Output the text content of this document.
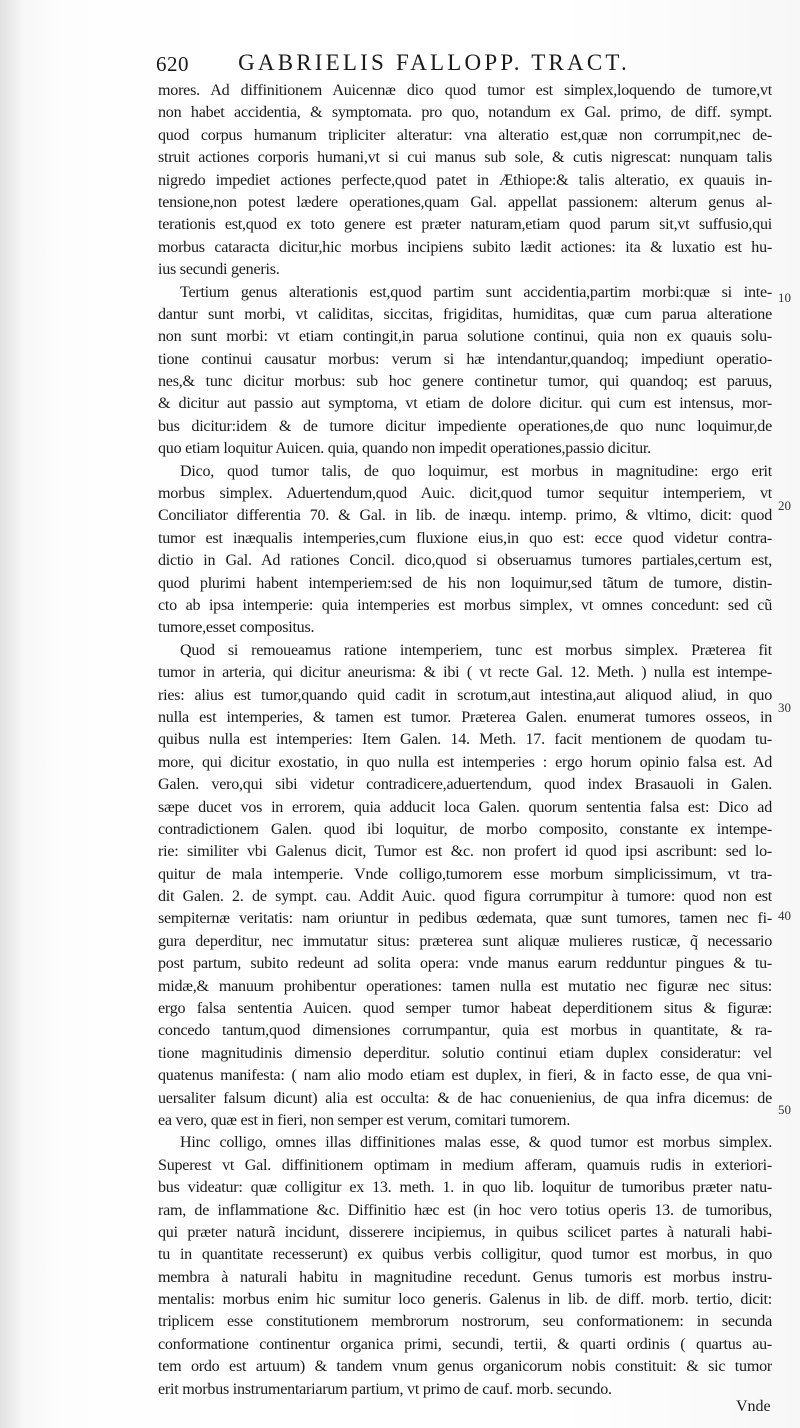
620	GABRIELIS FALLOPP. TRACT.
mores. Ad diffinitionem Auicennæ dico quod tumor est simplex,loquendo de tumore,vt
non habet accidentia, & symptomata. pro quo, notandum ex Gal. primo, de diff. sympt.
quod corpus humanum tripliciter alteratur: vna alteratio est,quæ non corrumpit,nec de-
struit actiones corporis humani,vt si cui manus sub sole, & cutis nigrescat: nunquam talis
nigredo impediet actiones perfecte,quod patet in Æthiope:& talis alteratio, ex quauis in-
tensione,non potest lædere operationes,quam Gal. appellat passionem: alterum genus al-
terationis est,quod ex toto genere est præter naturam,etiam quod parum sit,vt suffusio,qui
morbus cataracta dicitur,hic morbus incipiens subito lædit actiones: ita & luxatio est hu-
ius secundi generis.
Tertium genus alterationis est,quod partim sunt accidentia,partim morbi:quæ si inte-
dantur sunt morbi, vt caliditas, siccitas, frigiditas, humiditas, quæ cum parua alteratione
non sunt morbi: vt etiam contingit,in parua solutione continui, quia non ex quauis solu-
tione continui causatur morbus: verum si hæ intendantur,quandoq; impediunt operatio-
nes,& tunc dicitur morbus: sub hoc genere continetur tumor, qui quandoq; est paruus,
& dicitur aut passio aut symptoma, vt etiam de dolore dicitur. qui cum est intensus, mor-
bus dicitur:idem & de tumore dicitur impediente operationes,de quo nunc loquimur,de
quo etiam loquitur Auicen. quia, quando non impedit operationes,passio dicitur.
Dico, quod tumor talis, de quo loquimur, est morbus in magnitudine: ergo erit
morbus simplex. Aduertendum,quod Auic. dicit,quod tumor sequitur intemperiem, vt
Conciliator differentia 70. & Gal. in lib. de inæqu. intemp. primo, & vltimo, dicit: quod
tumor est inæqualis intemperies,cum fluxione eius,in quo est: ecce quod videtur contra-
dictio in Gal. Ad rationes Concil. dico,quod si obseruamus tumores partiales,certum est,
quod plurimi habent intemperiem:sed de his non loquimur,sed tãtum de tumore, distin-
cto ab ipsa intemperie: quia intemperies est morbus simplex, vt omnes concedunt: sed cũ
tumore,esset compositus.
Quod si remoueamus ratione intemperiem, tunc est morbus simplex. Præterea fit
tumor in arteria, qui dicitur aneurisma: & ibi ( vt recte Gal. 12. Meth. ) nulla est intempe-
ries: alius est tumor,quando quid cadit in scrotum,aut intestina,aut aliquod aliud, in quo
nulla est intemperies, & tamen est tumor. Præterea Galen. enumerat tumores osseos, in
quibus nulla est intemperies: Item Galen. 14. Meth. 17. facit mentionem de quodam tu-
more, qui dicitur exostatio, in quo nulla est intemperies : ergo horum opinio falsa est. Ad
Galen. vero,qui sibi videtur contradicere,aduertendum, quod index Brasauoli in Galen.
sæpe ducet vos in errorem, quia adducit loca Galen. quorum sententia falsa est: Dico ad
contradictionem Galen. quod ibi loquitur, de morbo composito, constante ex intempe-
rie: similiter vbi Galenus dicit, Tumor est &c. non profert id quod ipsi ascribunt: sed lo-
quitur de mala intemperie. Vnde colligo,tumorem esse morbum simplicissimum, vt tra-
dit Galen. 2. de sympt. cau. Addit Auic. quod figura corrumpitur à tumore: quod non est
sempiternæ veritatis: nam oriuntur in pedibus œdemata, quæ sunt tumores, tamen nec fi-
gura deperditur, nec immutatur situs: præterea sunt aliquæ mulieres rusticæ, q̃ necessario
post partum, subito redeunt ad solita opera: vnde manus earum redduntur pingues & tu-
midæ,& manuum prohibentur operationes: tamen nulla est mutatio nec figuræ nec situs:
ergo falsa sententia Auicen. quod semper tumor habeat deperditionem situs & figuræ:
concedo tantum,quod dimensiones corrumpantur, quia est morbus in quantitate, & ra-
tione magnitudinis dimensio deperditur. solutio continui etiam duplex consideratur: vel
quatenus manifesta: ( nam alio modo etiam est duplex, in fieri, & in facto esse, de qua vni-
uersaliter falsum dicunt) alia est occulta: & de hac conuenienius, de qua infra dicemus: de
ea vero, quæ est in fieri, non semper est verum, comitari tumorem.
Hinc colligo, omnes illas diffinitiones malas esse, & quod tumor est morbus simplex.
Superest vt Gal. diffinitionem optimam in medium afferam, quamuis rudis in exteriori-
bus videatur: quæ colligitur ex 13. meth. 1. in quo lib. loquitur de tumoribus præter natu-
ram, de inflammatione &c. Diffinitio hæc est (in hoc vero totius operis 13. de tumoribus,
qui præter naturã incidunt, disserere incipiemus, in quibus scilicet partes à naturali habi-
tu in quantitate recesserunt) ex quibus verbis colligitur, quod tumor est morbus, in quo
membra à naturali habitu in magnitudine recedunt. Genus tumoris est morbus instru-
mentalis: morbus enim hic sumitur loco generis. Galenus in lib. de diff. morb. tertio, dicit:
triplicem esse constitutionem membrorum nostrorum, seu conformationem: in secunda
conformatione continentur organica primi, secundi, tertii, & quarti ordinis ( quartus au-
tem ordo est artuum) & tandem vnum genus organicorum nobis constituit: & sic tumor
erit morbus instrumentariarum partium, vt primo de cauf. morb. secundo.
10
20
30
40
50
Vnde
